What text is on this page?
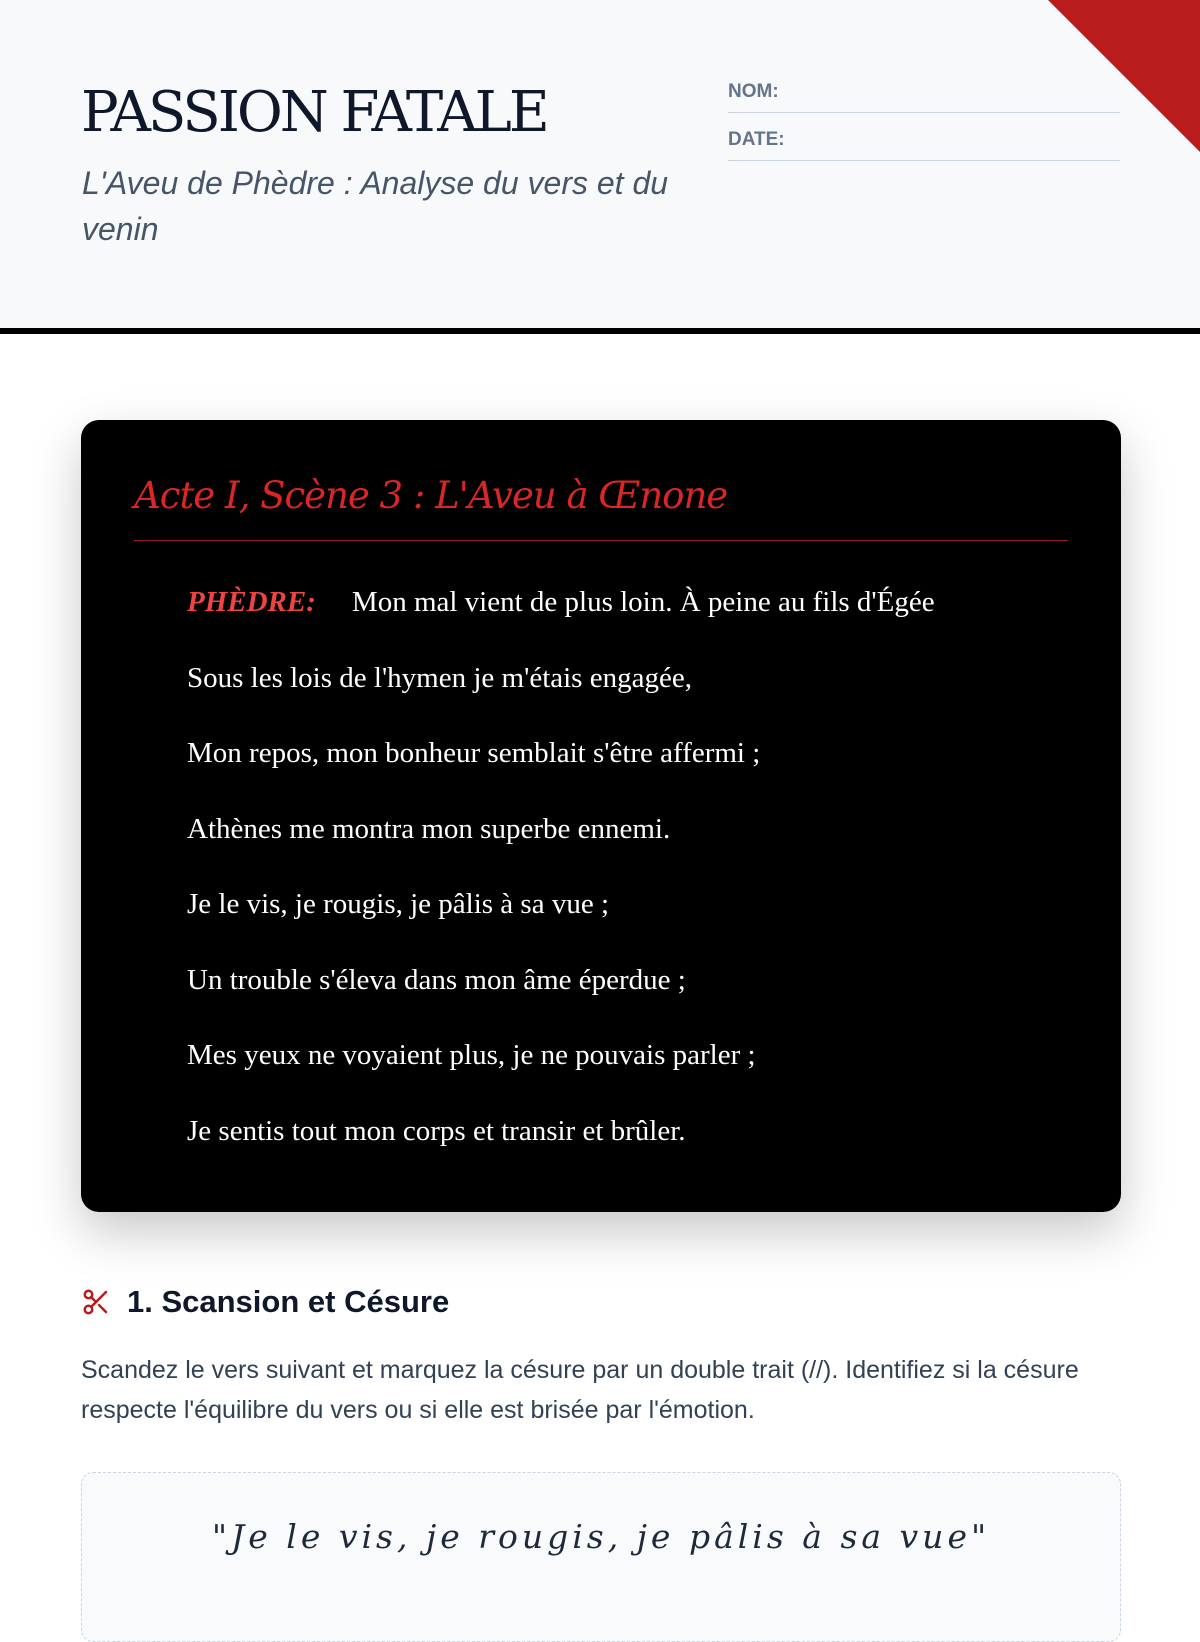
PASSION FATALE

L'Aveu de Phèdre : Analyse du vers et du venin

NOM:
DATE:
Acte I, Scène 3 : L'Aveu à Œnone
PHÈDRE: Mon mal vient de plus loin. À peine au fils d'Égée
Sous les lois de l'hymen je m'étais engagée,
Mon repos, mon bonheur semblait s'être affermi ;
Athènes me montra mon superbe ennemi.
Je le vis, je rougis, je pâlis à sa vue ;
Un trouble s'éleva dans mon âme éperdue ;
Mes yeux ne voyaient plus, je ne pouvais parler ;
Je sentis tout mon corps et transir et brûler.
1. Scansion et Césure

Scandez le vers suivant et marquez la césure par un double trait (//). Identifiez si la césure respecte l'équilibre du vers ou si elle est brisée par l'émotion.

"Je le vis, je rougis, je pâlis à sa vue"
